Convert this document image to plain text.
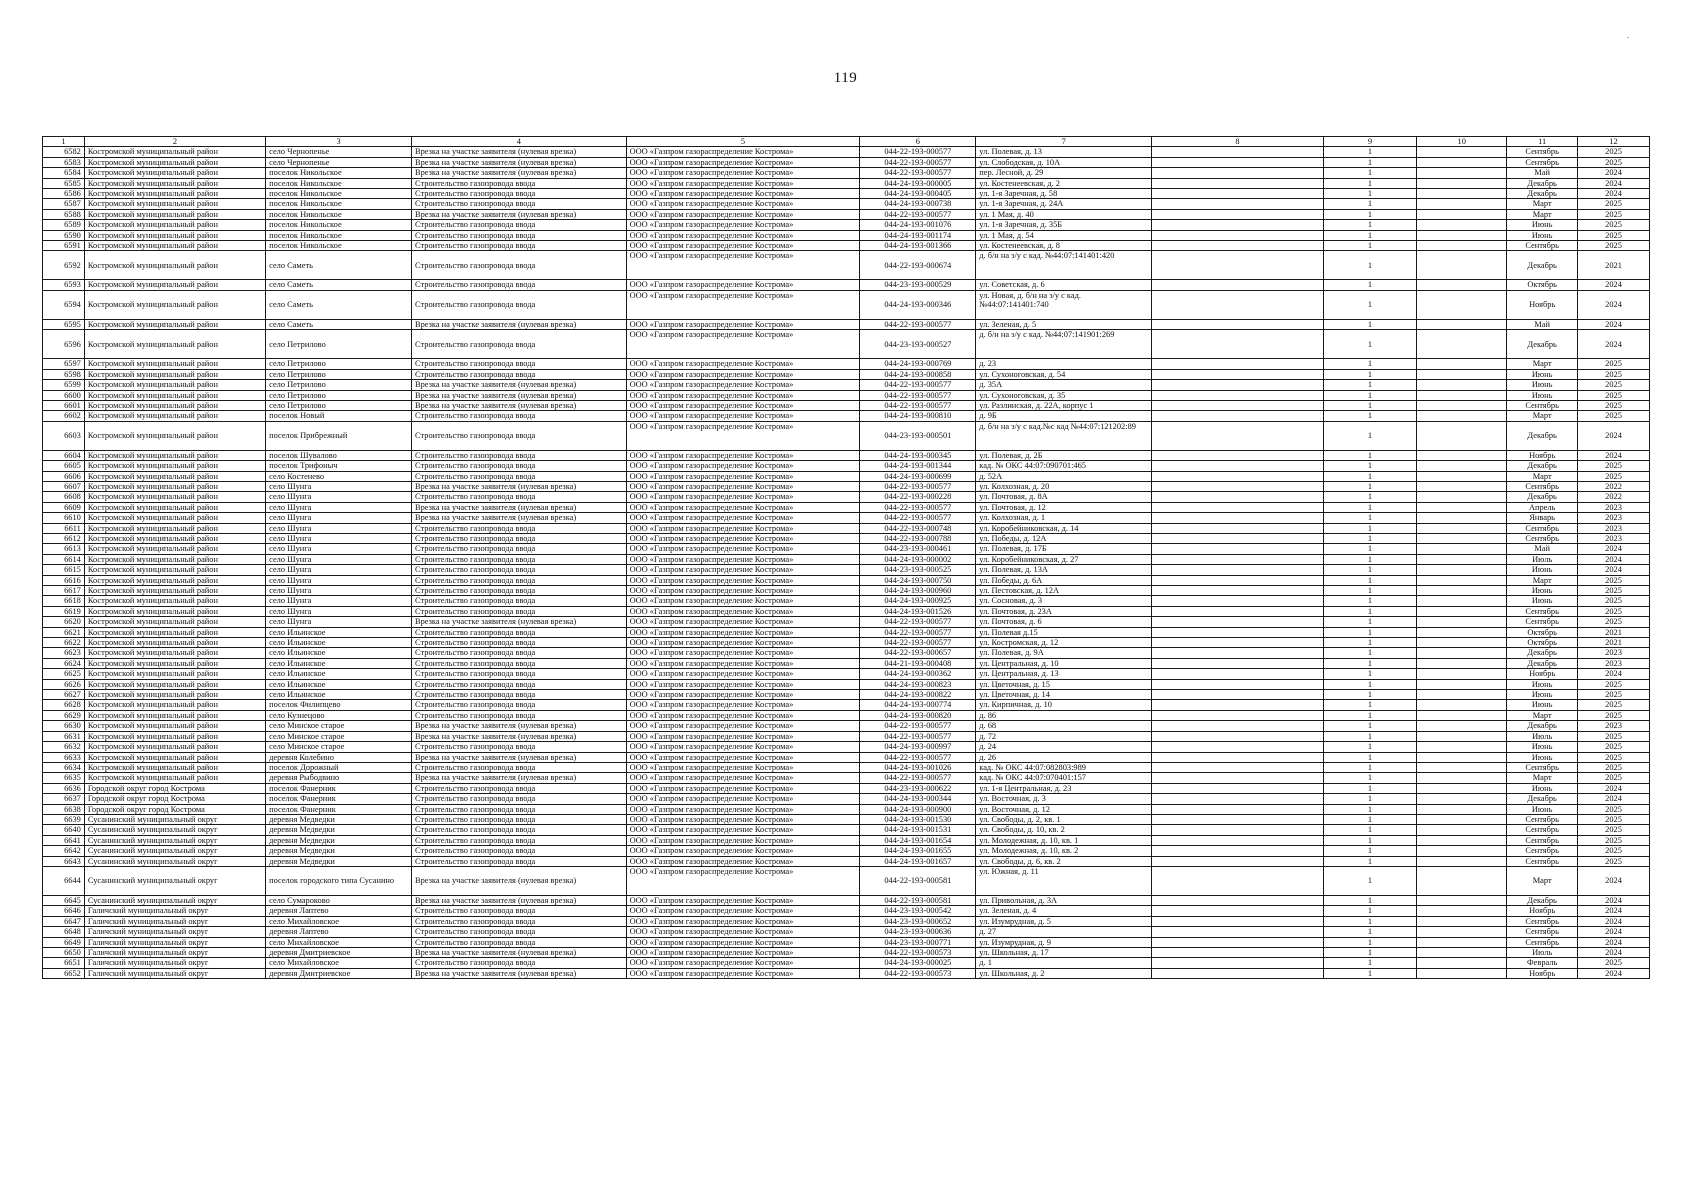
.
119
1	2	3	4	5	6	7	8	9	10	11	12
6582	Костромской муниципальный район	село Чернопенье	Врезка на участке заявителя (нулевая врезка)	ООО «Газпром газораспределение Кострома»	044-22-193-000577	ул. Полевая, д. 13		1		Сентябрь	2025
6583	Костромской муниципальный район	село Чернопенье	Врезка на участке заявителя (нулевая врезка)	ООО «Газпром газораспределение Кострома»	044-22-193-000577	ул. Слободская, д. 10А		1		Сентябрь	2025
6584	Костромской муниципальный район	поселок Никольское	Врезка на участке заявителя (нулевая врезка)	ООО «Газпром газораспределение Кострома»	044-22-193-000577	пер. Лесной, д. 29		1		Май	2024
6585	Костромской муниципальный район	поселок Никольское	Строительство газопровода ввода	ООО «Газпром газораспределение Кострома»	044-24-193-000005	ул. Костенеевская, д. 2		1		Декабрь	2024
6586	Костромской муниципальный район	поселок Никольское	Строительство газопровода ввода	ООО «Газпром газораспределение Кострома»	044-24-193-000405	ул. 1-я Заречная, д. 58		1		Декабрь	2024
6587	Костромской муниципальный район	поселок Никольское	Строительство газопровода ввода	ООО «Газпром газораспределение Кострома»	044-24-193-000738	ул. 1-я Заречная, д. 24А		1		Март	2025
6588	Костромской муниципальный район	поселок Никольское	Врезка на участке заявителя (нулевая врезка)	ООО «Газпром газораспределение Кострома»	044-22-193-000577	ул. 1 Мая, д. 40		1		Март	2025
6589	Костромской муниципальный район	поселок Никольское	Строительство газопровода ввода	ООО «Газпром газораспределение Кострома»	044-24-193-001076	ул. 1-я Заречная, д. 35Б		1		Июнь	2025
6590	Костромской муниципальный район	поселок Никольское	Строительство газопровода ввода	ООО «Газпром газораспределение Кострома»	044-24-193-001174	ул. 1 Мая, д. 54		1		Июнь	2025
6591	Костромской муниципальный район	поселок Никольское	Строительство газопровода ввода	ООО «Газпром газораспределение Кострома»	044-24-193-001366	ул. Костенеевская, д. 8		1		Сентябрь	2025
6592	Костромской муниципальный район	село Саметь	Строительство газопровода ввода	ООО «Газпром газораспределение Кострома»	044-22-193-000674	д. б/н на з/у с кад. №44:07:141401:420		1		Декабрь	2021
6593	Костромской муниципальный район	село Саметь	Строительство газопровода ввода	ООО «Газпром газораспределение Кострома»	044-23-193-000529	ул. Советская, д. 6		1		Октябрь	2024
6594	Костромской муниципальный район	село Саметь	Строительство газопровода ввода	ООО «Газпром газораспределение Кострома»	044-24-193-000346	ул. Новая, д. б/н на з/у с кад. №44:07:141401:740		1		Ноябрь	2024
6595	Костромской муниципальный район	село Саметь	Врезка на участке заявителя (нулевая врезка)	ООО «Газпром газораспределение Кострома»	044-22-193-000577	ул. Зеленая, д. 5		1		Май	2024
6596	Костромской муниципальный район	село Петрилово	Строительство газопровода ввода	ООО «Газпром газораспределение Кострома»	044-23-193-000527	д. б/н на з/у с кад. №44:07:141901:269		1		Декабрь	2024
6597	Костромской муниципальный район	село Петрилово	Строительство газопровода ввода	ООО «Газпром газораспределение Кострома»	044-24-193-000769	д. 23		1		Март	2025
6598	Костромской муниципальный район	село Петрилово	Строительство газопровода ввода	ООО «Газпром газораспределение Кострома»	044-24-193-000858	ул. Сухоноговская, д. 54		1		Июнь	2025
6599	Костромской муниципальный район	село Петрилово	Врезка на участке заявителя (нулевая врезка)	ООО «Газпром газораспределение Кострома»	044-22-193-000577	д. 35А		1		Июнь	2025
6600	Костромской муниципальный район	село Петрилово	Врезка на участке заявителя (нулевая врезка)	ООО «Газпром газораспределение Кострома»	044-22-193-000577	ул. Сухоноговская, д. 35		1		Июнь	2025
6601	Костромской муниципальный район	село Петрилово	Врезка на участке заявителя (нулевая врезка)	ООО «Газпром газораспределение Кострома»	044-22-193-000577	ул. Разлинская, д. 22А, корпус 1		1		Сентябрь	2025
6602	Костромской муниципальный район	поселок Новый	Строительство газопровода ввода	ООО «Газпром газораспределение Кострома»	044-24-193-000810	д. 9Б		1		Март	2025
6603	Костромской муниципальный район	поселок Прибрежный	Строительство газопровода ввода	ООО «Газпром газораспределение Кострома»	044-23-193-000501	д. б/н на з/у с кад.№с кад №44:07:121202:89		1		Декабрь	2024
6604	Костромской муниципальный район	поселок Шувалово	Строительство газопровода ввода	ООО «Газпром газораспределение Кострома»	044-24-193-000345	ул. Полевая, д. 2Б		1		Ноябрь	2024
6605	Костромской муниципальный район	поселок Трифоныч	Строительство газопровода ввода	ООО «Газпром газораспределение Кострома»	044-24-193-001344	кад. № ОКС 44:07:090701:465		1		Декабрь	2025
6606	Костромской муниципальный район	село Костенево	Строительство газопровода ввода	ООО «Газпром газораспределение Кострома»	044-24-193-000699	д. 52А		1		Март	2025
6607	Костромской муниципальный район	село Шунга	Врезка на участке заявителя (нулевая врезка)	ООО «Газпром газораспределение Кострома»	044-22-193-000577	ул. Колхозная, д. 20		1		Сентябрь	2022
6608	Костромской муниципальный район	село Шунга	Строительство газопровода ввода	ООО «Газпром газораспределение Кострома»	044-22-193-000228	ул. Почтовая, д. 8А		1		Декабрь	2022
6609	Костромской муниципальный район	село Шунга	Врезка на участке заявителя (нулевая врезка)	ООО «Газпром газораспределение Кострома»	044-22-193-000577	ул. Почтовая, д. 12		1		Апрель	2023
6610	Костромской муниципальный район	село Шунга	Врезка на участке заявителя (нулевая врезка)	ООО «Газпром газораспределение Кострома»	044-22-193-000577	ул. Колхозная, д. 1		1		Январь	2023
6611	Костромской муниципальный район	село Шунга	Строительство газопровода ввода	ООО «Газпром газораспределение Кострома»	044-22-193-000748	ул. Коробейниковская, д. 14		1		Сентябрь	2023
6612	Костромской муниципальный район	село Шунга	Строительство газопровода ввода	ООО «Газпром газораспределение Кострома»	044-22-193-000788	ул. Победы, д. 12А		1		Сентябрь	2023
6613	Костромской муниципальный район	село Шунга	Строительство газопровода ввода	ООО «Газпром газораспределение Кострома»	044-23-193-000461	ул. Полевая, д. 17Б		1		Май	2024
6614	Костромской муниципальный район	село Шунга	Строительство газопровода ввода	ООО «Газпром газораспределение Кострома»	044-24-193-000002	ул. Коробейниковская, д. 27		1		Июль	2024
6615	Костромской муниципальный район	село Шунга	Строительство газопровода ввода	ООО «Газпром газораспределение Кострома»	044-23-193-000525	ул. Полевая, д. 13А		1		Июнь	2024
6616	Костромской муниципальный район	село Шунга	Строительство газопровода ввода	ООО «Газпром газораспределение Кострома»	044-24-193-000750	ул. Победы, д. 6А		1		Март	2025
6617	Костромской муниципальный район	село Шунга	Строительство газопровода ввода	ООО «Газпром газораспределение Кострома»	044-24-193-000960	ул. Пестовская, д. 12А		1		Июнь	2025
6618	Костромской муниципальный район	село Шунга	Строительство газопровода ввода	ООО «Газпром газораспределение Кострома»	044-24-193-000925	ул. Сосновая, д. 3		1		Июнь	2025
6619	Костромской муниципальный район	село Шунга	Строительство газопровода ввода	ООО «Газпром газораспределение Кострома»	044-24-193-001526	ул. Почтовая, д. 23А		1		Сентябрь	2025
6620	Костромской муниципальный район	село Шунга	Врезка на участке заявителя (нулевая врезка)	ООО «Газпром газораспределение Кострома»	044-22-193-000577	ул. Почтовая, д. 6		1		Сентябрь	2025
6621	Костромской муниципальный район	село Ильинское	Строительство газопровода ввода	ООО «Газпром газораспределение Кострома»	044-22-193-000577	ул. Полевая д.15		1		Октябрь	2021
6622	Костромской муниципальный район	село Ильинское	Строительство газопровода ввода	ООО «Газпром газораспределение Кострома»	044-22-193-000577	ул. Костромская, д. 12		1		Октябрь	2021
6623	Костромской муниципальный район	село Ильинское	Строительство газопровода ввода	ООО «Газпром газораспределение Кострома»	044-22-193-000657	ул. Полевая, д. 9А		1		Декабрь	2023
6624	Костромской муниципальный район	село Ильинское	Строительство газопровода ввода	ООО «Газпром газораспределение Кострома»	044-21-193-000408	ул. Центральная, д. 10		1		Декабрь	2023
6625	Костромской муниципальный район	село Ильинское	Строительство газопровода ввода	ООО «Газпром газораспределение Кострома»	044-24-193-000362	ул. Центральная, д. 13		1		Ноябрь	2024
6626	Костромской муниципальный район	село Ильинское	Строительство газопровода ввода	ООО «Газпром газораспределение Кострома»	044-24-193-000823	ул. Цветочная, д. 15		1		Июнь	2025
6627	Костромской муниципальный район	село Ильинское	Строительство газопровода ввода	ООО «Газпром газораспределение Кострома»	044-24-193-000822	ул. Цветочная, д. 14		1		Июнь	2025
6628	Костромской муниципальный район	поселок Филипцево	Строительство газопровода ввода	ООО «Газпром газораспределение Кострома»	044-24-193-000774	ул. Кирпичная, д. 10		1		Июнь	2025
6629	Костромской муниципальный район	село Кузнецово	Строительство газопровода ввода	ООО «Газпром газораспределение Кострома»	044-24-193-000820	д. 86		1		Март	2025
6630	Костромской муниципальный район	село Минское старое	Врезка на участке заявителя (нулевая врезка)	ООО «Газпром газораспределение Кострома»	044-22-193-000577	д. 68		1		Декабрь	2023
6631	Костромской муниципальный район	село Минское старое	Врезка на участке заявителя (нулевая врезка)	ООО «Газпром газораспределение Кострома»	044-22-193-000577	д. 72		1		Июль	2025
6632	Костромской муниципальный район	село Минское старое	Строительство газопровода ввода	ООО «Газпром газораспределение Кострома»	044-24-193-000997	д. 24		1		Июнь	2025
6633	Костромской муниципальный район	деревня Колебино	Врезка на участке заявителя (нулевая врезка)	ООО «Газпром газораспределение Кострома»	044-22-193-000577	д. 26		1		Июнь	2025
6634	Костромской муниципальный район	поселок Дорожный	Строительство газопровода ввода	ООО «Газпром газораспределение Кострома»	044-24-193-001026	кад. № ОКС 44:07:082803:989		1		Сентябрь	2025
6635	Костромской муниципальный район	деревня Рыбодвино	Врезка на участке заявителя (нулевая врезка)	ООО «Газпром газораспределение Кострома»	044-22-193-000577	кад. № ОКС 44:07:070401:157		1		Март	2025
6636	Городской округ город Кострома	поселок Фанерник	Строительство газопровода ввода	ООО «Газпром газораспределение Кострома»	044-23-193-000622	ул. 1-я Центральная, д. 23		1		Июнь	2024
6637	Городской округ город Кострома	поселок Фанерник	Строительство газопровода ввода	ООО «Газпром газораспределение Кострома»	044-24-193-000344	ул. Восточная, д. 3		1		Декабрь	2024
6638	Городской округ город Кострома	поселок Фанерник	Строительство газопровода ввода	ООО «Газпром газораспределение Кострома»	044-24-193-000900	ул. Восточная, д. 12		1		Июнь	2025
6639	Сусанинский муниципальный округ	деревня Медведки	Строительство газопровода ввода	ООО «Газпром газораспределение Кострома»	044-24-193-001530	ул. Свободы, д. 2, кв. 1		1		Сентябрь	2025
6640	Сусанинский муниципальный округ	деревня Медведки	Строительство газопровода ввода	ООО «Газпром газораспределение Кострома»	044-24-193-001531	ул. Свободы, д. 10, кв. 2		1		Сентябрь	2025
6641	Сусанинский муниципальный округ	деревня Медведки	Строительство газопровода ввода	ООО «Газпром газораспределение Кострома»	044-24-193-001654	ул. Молодежная, д. 10, кв. 1		1		Сентябрь	2025
6642	Сусанинский муниципальный округ	деревня Медведки	Строительство газопровода ввода	ООО «Газпром газораспределение Кострома»	044-24-193-001655	ул. Молодежная, д. 10, кв. 2		1		Сентябрь	2025
6643	Сусанинский муниципальный округ	деревня Медведки	Строительство газопровода ввода	ООО «Газпром газораспределение Кострома»	044-24-193-001657	ул. Свободы, д. 6, кв. 2		1		Сентябрь	2025
6644	Сусанинский муниципальный округ	поселок городского типа Сусанино	Врезка на участке заявителя (нулевая врезка)	ООО «Газпром газораспределение Кострома»	044-22-193-000581	ул. Южная, д. 11		1		Март	2024
6645	Сусанинский муниципальный округ	село Сумароково	Врезка на участке заявителя (нулевая врезка)	ООО «Газпром газораспределение Кострома»	044-22-193-000581	ул. Привольная, д. 3А		1		Декабрь	2024
6646	Галичский муниципальный округ	деревня Лаптево	Строительство газопровода ввода	ООО «Газпром газораспределение Кострома»	044-23-193-000542	ул. Зеленая, д. 4		1		Ноябрь	2024
6647	Галичский муниципальный округ	село Михайловское	Строительство газопровода ввода	ООО «Газпром газораспределение Кострома»	044-23-193-000652	ул. Изумрудная, д. 5		1		Сентябрь	2024
6648	Галичский муниципальный округ	деревня Лаптево	Строительство газопровода ввода	ООО «Газпром газораспределение Кострома»	044-23-193-000636	д. 27		1		Сентябрь	2024
6649	Галичский муниципальный округ	село Михайловское	Строительство газопровода ввода	ООО «Газпром газораспределение Кострома»	044-23-193-000771	ул. Изумрудная, д. 9		1		Сентябрь	2024
6650	Галичский муниципальный округ	деревня Дмитриевское	Врезка на участке заявителя (нулевая врезка)	ООО «Газпром газораспределение Кострома»	044-22-193-000573	ул. Школьная, д. 17		1		Июль	2024
6651	Галичский муниципальный округ	село Михайловское	Строительство газопровода ввода	ООО «Газпром газораспределение Кострома»	044-24-193-000025	д. 1		1		Февраль	2025
6652	Галичский муниципальный округ	деревня Дмитриевское	Врезка на участке заявителя (нулевая врезка)	ООО «Газпром газораспределение Кострома»	044-22-193-000573	ул. Школьная, д. 2		1		Ноябрь	2024
